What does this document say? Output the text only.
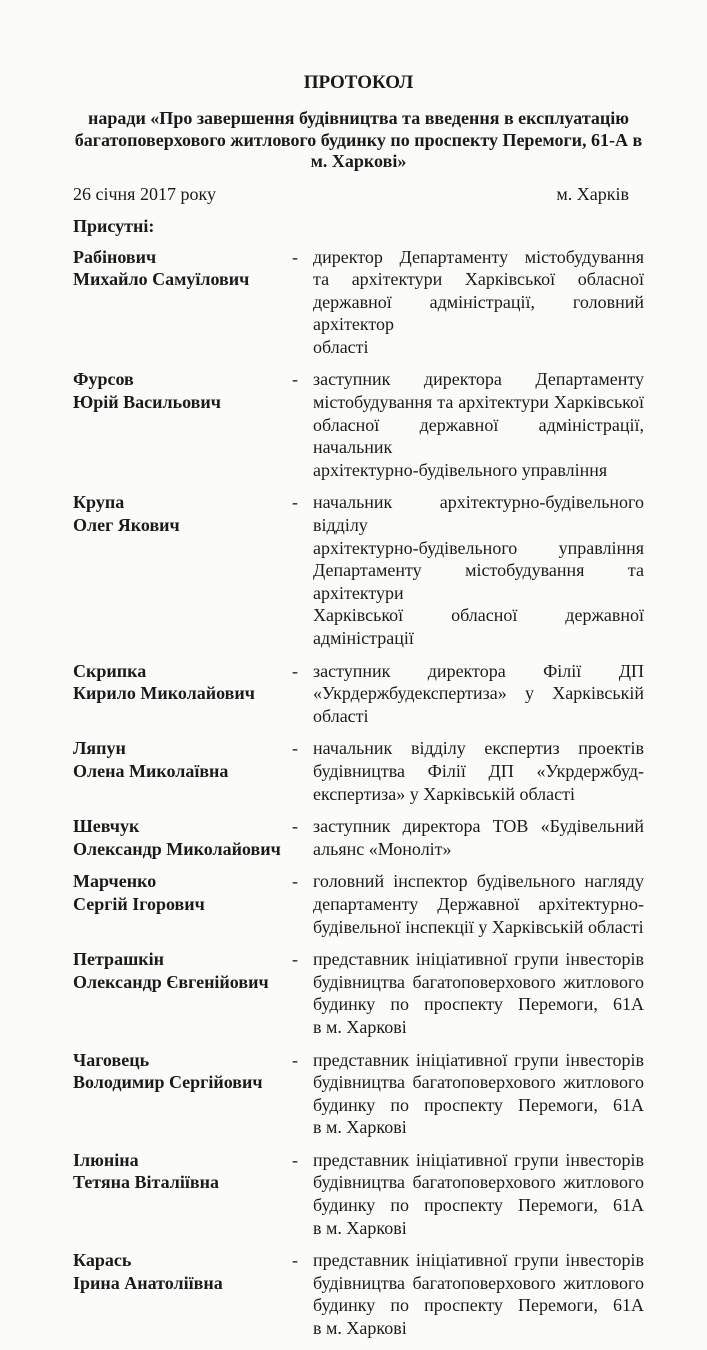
ПРОТОКОЛ
наради «Про завершення будівництва та введення в експлуатацію
багатоповерхового житлового будинку по проспекту Перемоги, 61-А в
м. Харкові»
26 січня 2017 року	м. Харків
Присутні:
Рабінович
Михайло Самуїлович
- директор Департаменту містобудування
та архітектури Харківської обласної
державної адміністрації, головний архітектор
області
Фурсов
Юрій Васильович
- заступник директора Департаменту
містобудування та архітектури Харківської
обласної державної адміністрації, начальник
архітектурно-будівельного управління
Крупа
Олег Якович
- начальник архітектурно-будівельного відділу
архітектурно-будівельного управління
Департаменту містобудування та архітектури
Харківської обласної державної адміністрації
Скрипка
Кирило Миколайович
- заступник директора Філії ДП
«Укрдержбудекспертиза» у Харківській
області
Ляпун
Олена Миколаївна
- начальник відділу експертиз проектів
будівництва Філії ДП «Укрдержбуд-
експертиза» у Харківській області
Шевчук
Олександр Миколайович
- заступник директора ТОВ «Будівельний
альянс «Моноліт»
Марченко
Сергій Ігорович
- головний інспектор будівельного нагляду
департаменту Державної архітектурно-
будівельної інспекції у Харківській області
Петрашкін
Олександр Євгенійович
- представник ініціативної групи інвесторів
будівництва багатоповерхового житлового
будинку по проспекту Перемоги, 61А
в м. Харкові
Чаговець
Володимир Сергійович
- представник ініціативної групи інвесторів
будівництва багатоповерхового житлового
будинку по проспекту Перемоги, 61А
в м. Харкові
Ілюніна
Тетяна Віталіївна
- представник ініціативної групи інвесторів
будівництва багатоповерхового житлового
будинку по проспекту Перемоги, 61А
в м. Харкові
Карась
Ірина Анатоліївна
- представник ініціативної групи інвесторів
будівництва багатоповерхового житлового
будинку по проспекту Перемоги, 61А
в м. Харкові
